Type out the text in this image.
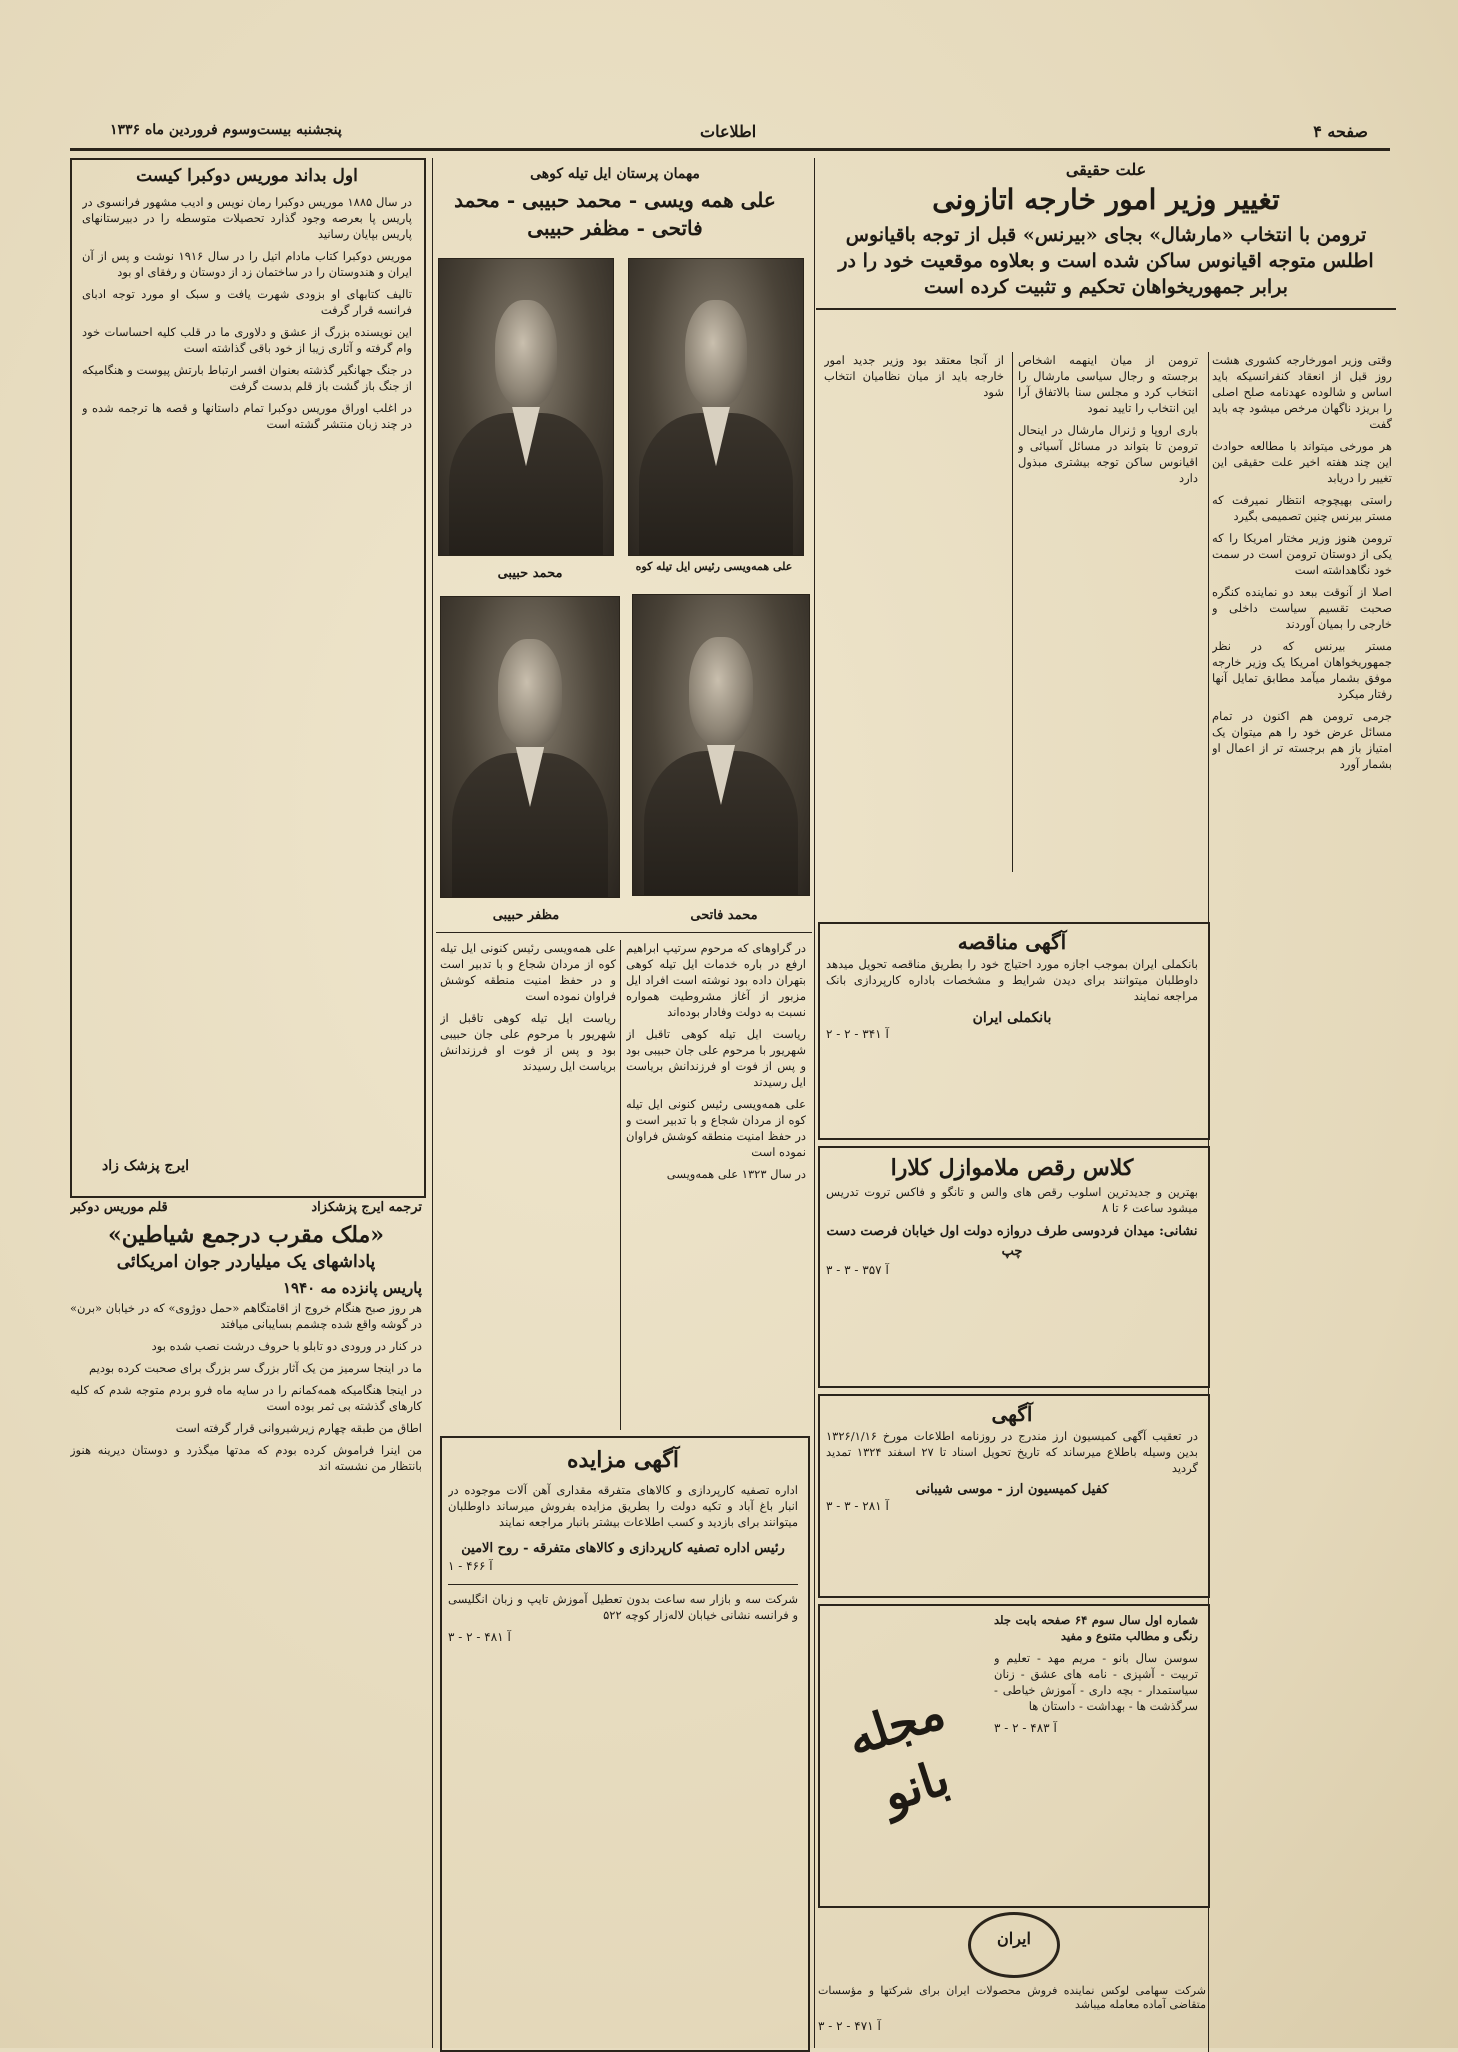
صفحه ۴
اطلاعات
پنجشنبه بیست‌وسوم فروردین ماه ۱۳۳۶
علت حقیقی
تغییر وزیر امور خارجه اتازونی
ترومن با انتخاب «مارشال» بجای «بیرنس» قبل از توجه باقیانوس اطلس متوجه اقیانوس ساکن شده است و بعلاوه موقعیت خود را در برابر جمهوریخواهان تحکیم و تثبیت کرده است

وقتی وزیر امورخارجه کشوری هشت روز قبل از انعقاد کنفرانسیکه باید اساس و شالوده عهدنامه صلح اصلی را بریزد ناگهان مرخص میشود چه باید گفت

هر مورخی میتواند با مطالعه حوادث این چند هفته اخیر علت حقیقی این تغییر را دریابد

راستی بهیچوجه انتظار نمیرفت که مستر بیرنس چنین تصمیمی بگیرد

ترومن هنوز وزیر مختار امریکا را که یکی از دوستان ترومن است در سمت خود نگاهداشته است

اصلا از آنوقت ببعد دو نماینده کنگره صحبت تقسیم سیاست داخلی و خارجی را بمیان آوردند

مستر بیرنس که در نظر جمهوریخواهان امریکا یک وزیر خارجه موفق بشمار میآمد مطابق تمایل آنها رفتار میکرد

جرمی ترومن هم اکنون در تمام مسائل عرض خود را هم میتوان یک امتیاز باز هم برجسته تر از اعمال او بشمار آورد

ترومن از میان اینهمه اشخاص برجسته و رجال سیاسی مارشال را انتخاب کرد و مجلس سنا بالاتفاق آرا این انتخاب را تایید نمود

باری اروپا و ژنرال مارشال در اینحال ترومن تا بتواند در مسائل آسیائی و اقیانوس ساکن توجه بیشتری مبذول دارد

از آنجا معتقد بود وزیر جدید امور خارجه باید از میان نظامیان انتخاب شود

مهمان پرستان ایل تیله کوهی
علی همه ویسی - محمد حبیبی - محمد فاتحی - مظفر حبیبی
علی همه‌ویسی رئیس ایل تیله کوه
محمد حبیبی
محمد فاتحی
مظفر حبیبی

در گراوهای که مرحوم سرتیپ ابراهیم ارفع در باره خدمات ایل تیله کوهی بتهران داده بود نوشته است افراد ایل مزبور از آغاز مشروطیت همواره نسبت به دولت وفادار بوده‌اند

ریاست ایل تیله کوهی تاقبل از شهریور با مرحوم علی جان حبیبی بود و پس از فوت او فرزندانش بریاست ایل رسیدند

علی همه‌ویسی رئیس کنونی ایل تیله کوه از مردان شجاع و با تدبیر است و در حفظ امنیت منطقه کوشش فراوان نموده است

در سال ۱۳۲۳ علی همه‌ویسی

علی همه‌ویسی رئیس کنونی ایل تیله کوه از مردان شجاع و با تدبیر است و در حفظ امنیت منطقه کوشش فراوان نموده است

ریاست ایل تیله کوهی تاقبل از شهریور با مرحوم علی جان حبیبی بود و پس از فوت او فرزندانش بریاست ایل رسیدند

اول بداند موریس دوکبرا کیست

در سال ۱۸۸۵ موریس دوکبرا رمان نویس و ادیب مشهور فرانسوی در پاریس پا بعرصه وجود گذارد تحصیلات متوسطه را در دبیرستانهای پاریس بپایان رسانید

موریس دوکبرا کتاب مادام اتیل را در سال ۱۹۱۶ نوشت و پس از آن ایران و هندوستان را در ساختمان زد از دوستان و رفقای او بود

تالیف کتابهای او بزودی شهرت یافت و سبک او مورد توجه ادبای فرانسه قرار گرفت

این نویسنده بزرگ از عشق و دلاوری ما در قلب کلیه احساسات خود وام گرفته و آثاری زیبا از خود باقی گذاشته است

در جنگ جهانگیر گذشته بعنوان افسر ارتباط بارتش پیوست و هنگامیکه از جنگ باز گشت باز قلم بدست گرفت

در اغلب اوراق موریس دوکبرا تمام داستانها و قصه ها ترجمه شده و در چند زبان منتشر گشته است

ایرج پزشک زاد
ترجمه ایرج پزشکزاد
قلم موریس دوکبر
«ملک مقرب درجمع شیاطین»
پاداشهای یک میلیاردر جوان امریکائی
پاریس پانزده مه ۱۹۴۰

هر روز صبح هنگام خروج از اقامتگاهم «حمل دوژوی» که در خیابان «برن» در گوشه واقع شده چشمم بسایبانی میافتد

در کنار در ورودی دو تابلو با حروف درشت نصب شده بود

ما در اینجا سرمیز من یک آثار بزرگ سر بزرگ برای صحبت کرده بودیم

در اینجا هنگامیکه همه‌کمانم را در سایه ماه فرو بردم متوجه شدم که کلیه کارهای گذشته بی ثمر بوده است

اطاق من طبقه چهارم زیرشیروانی قرار گرفته است

من اینرا فراموش کرده بودم که مدتها میگذرد و دوستان دیرینه هنوز بانتظار من نشسته اند

آگهی مناقصه

بانکملی ایران بموجب اجازه مورد احتیاج خود را بطریق مناقصه تحویل میدهد داوطلبان میتوانند برای دیدن شرایط و مشخصات باداره کارپردازی بانک مراجعه نمایند

بانکملی ایران
آ ۳۴۱ - ۲ - ۲
کلاس رقص ملاموازل کلارا

بهترین و جدیدترین اسلوب رقص های والس و تانگو و فاکس تروت تدریس میشود ساعت ۶ تا ۸

نشانی: میدان فردوسی طرف دروازه دولت اول خیابان فرصت دست چپ
آ ۳۵۷ - ۳ - ۳
آگهی

در تعقیب آگهی کمیسیون ارز مندرج در روزنامه اطلاعات مورخ ۱۳۲۶/۱/۱۶ بدین وسیله باطلاع میرساند که تاریخ تحویل اسناد تا ۲۷ اسفند ۱۳۲۴ تمدید گردید

کفیل کمیسیون ارز - موسی شیبانی
آ ۲۸۱ - ۳ - ۳
آگهی مزایده

اداره تصفیه کارپردازی و کالاهای متفرقه مقداری آهن آلات موجوده در انبار باغ آباد و تکیه دولت را بطریق مزایده بفروش میرساند داوطلبان میتوانند برای بازدید و کسب اطلاعات بیشتر بانبار مراجعه نمایند

رئیس اداره تصفیه کارپردازی و کالاهای متفرقه - روح الامین
آ ۴۶۶ - ۱

شرکت سه و بازار سه ساعت بدون تعطیل آموزش تایپ و زبان انگلیسی و فرانسه نشانی خیابان لاله‌زار کوچه ۵۲۲

آ ۴۸۱ - ۲ - ۳
مجله بانو

شماره اول سال سوم ۶۴ صفحه بابت جلد رنگی و مطالب متنوع و مفید

سوسن سال بانو - مریم مهد - تعلیم و تربیت - آشپزی - نامه های عشق - زنان سیاستمدار - بچه داری - آموزش خیاطی - سرگذشت ها - بهداشت - داستان ها

آ ۴۸۳ - ۲ - ۳
ایران

شرکت سهامی لوکس نماینده فروش محصولات ایران برای شرکتها و مؤسسات متقاضی آماده معامله میباشد

آ ۴۷۱ - ۲ - ۳
